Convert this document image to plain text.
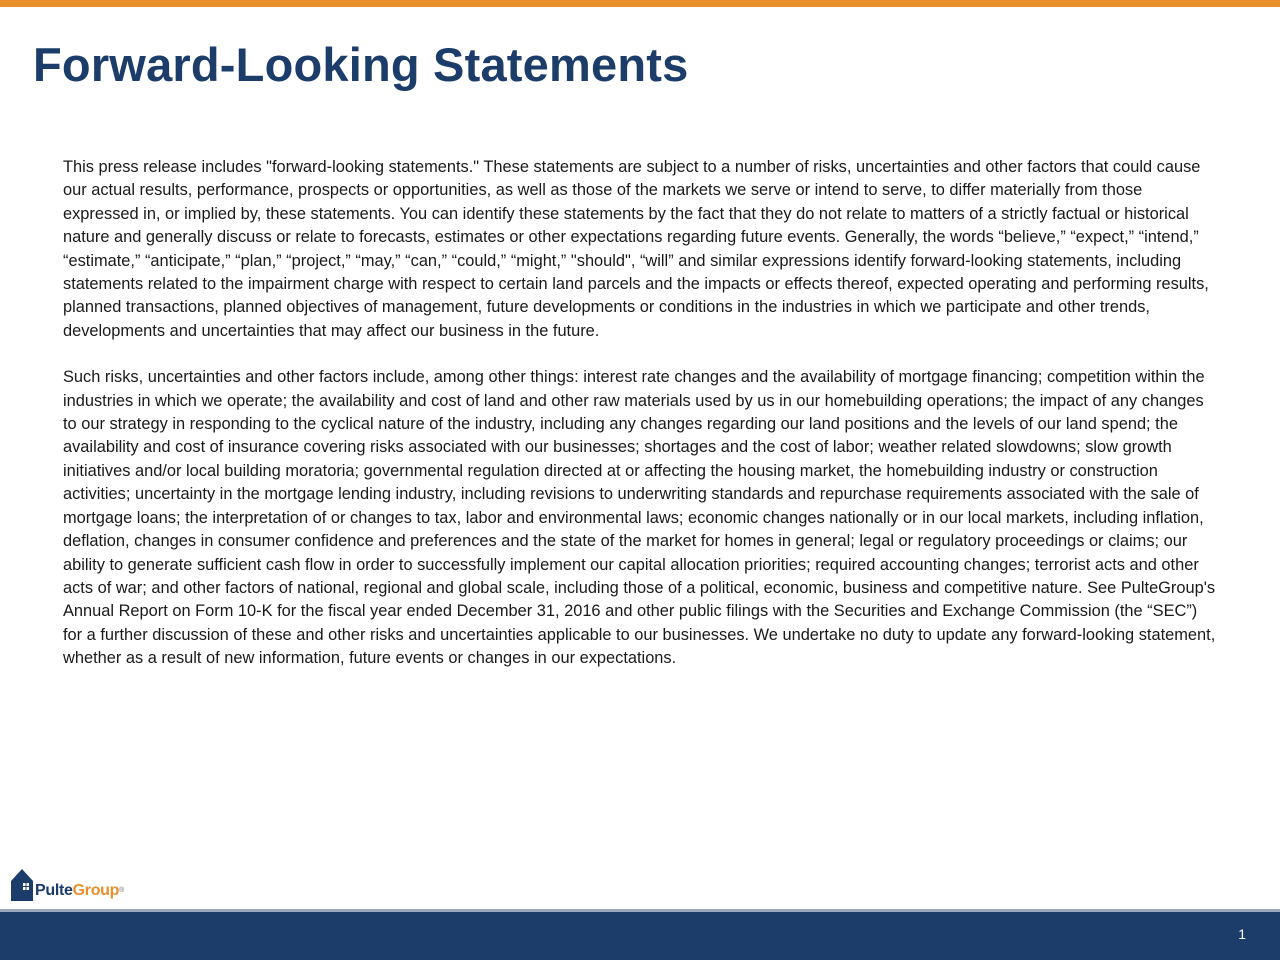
Forward-Looking Statements

This press release includes "forward-looking statements." These statements are subject to a number of risks, uncertainties and other factors that could cause our actual results, performance, prospects or opportunities, as well as those of the markets we serve or intend to serve, to differ materially from those expressed in, or implied by, these statements. You can identify these statements by the fact that they do not relate to matters of a strictly factual or historical nature and generally discuss or relate to forecasts, estimates or other expectations regarding future events. Generally, the words “believe,” “expect,” “intend,” “estimate,” “anticipate,” “plan,” “project,” “may,” “can,” “could,” “might,” "should", “will” and similar expressions identify forward-looking statements, including statements related to the impairment charge with respect to certain land parcels and the impacts or effects thereof, expected operating and performing results, planned transactions, planned objectives of management, future developments or conditions in the industries in which we participate and other trends, developments and uncertainties that may affect our business in the future.

Such risks, uncertainties and other factors include, among other things: interest rate changes and the availability of mortgage financing; competition within the industries in which we operate; the availability and cost of land and other raw materials used by us in our homebuilding operations; the impact of any changes to our strategy in responding to the cyclical nature of the industry, including any changes regarding our land positions and the levels of our land spend; the availability and cost of insurance covering risks associated with our businesses; shortages and the cost of labor; weather related slowdowns; slow growth initiatives and/or local building moratoria; governmental regulation directed at or affecting the housing market, the homebuilding industry or construction activities; uncertainty in the mortgage lending industry, including revisions to underwriting standards and repurchase requirements associated with the sale of mortgage loans; the interpretation of or changes to tax, labor and environmental laws; economic changes nationally or in our local markets, including inflation, deflation, changes in consumer confidence and preferences and the state of the market for homes in general; legal or regulatory proceedings or claims; our ability to generate sufficient cash flow in order to successfully implement our capital allocation priorities; required accounting changes; terrorist acts and other acts of war; and other factors of national, regional and global scale, including those of a political, economic, business and competitive nature. See PulteGroup's Annual Report on Form 10-K for the fiscal year ended December 31, 2016 and other public filings with the Securities and Exchange Commission (the “SEC”) for a further discussion of these and other risks and uncertainties applicable to our businesses. We undertake no duty to update any forward-looking statement, whether as a result of new information, future events or changes in our expectations.

PulteGroup®
1
